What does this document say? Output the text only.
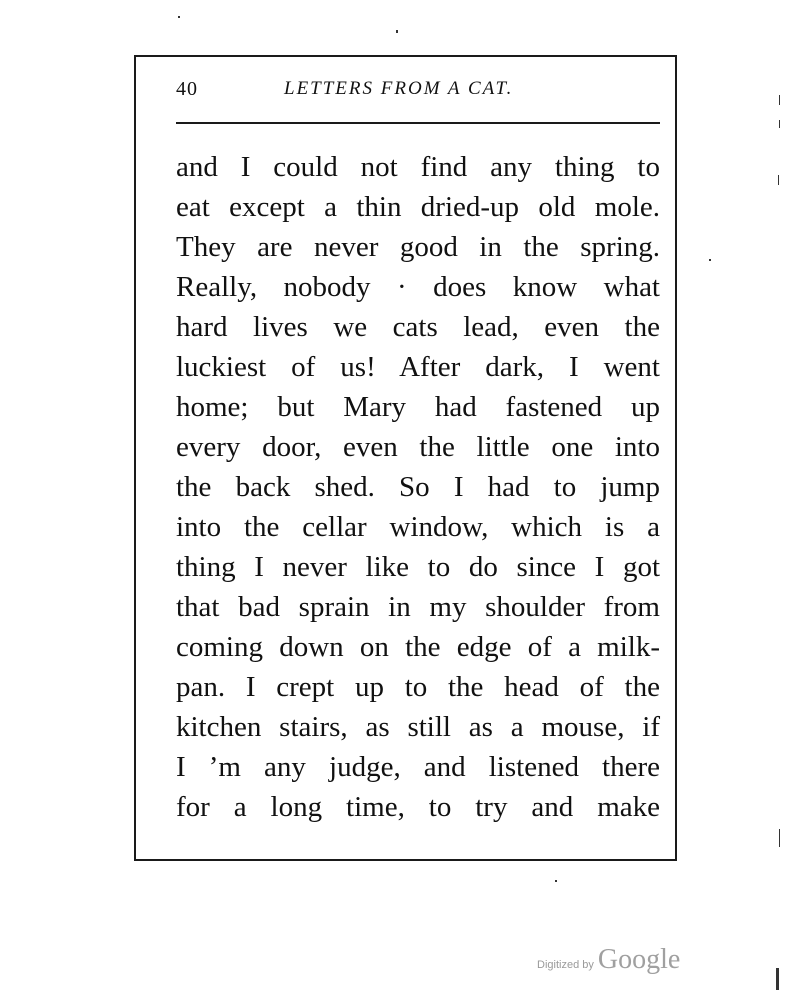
40	LETTERS FROM A CAT.
and I could not find any thing to
eat except a thin dried-up old mole.
They are never good in the spring.
Really, nobody · does know what
hard lives we cats lead, even the
luckiest of us! After dark, I went
home; but Mary had fastened up
every door, even the little one into
the back shed. So I had to jump
into the cellar window, which is a
thing I never like to do since I got
that bad sprain in my shoulder from
coming down on the edge of a milk-
pan. I crept up to the head of the
kitchen stairs, as still as a mouse, if
I ’m any judge, and listened there
for a long time, to try and make
Digitized by Google
